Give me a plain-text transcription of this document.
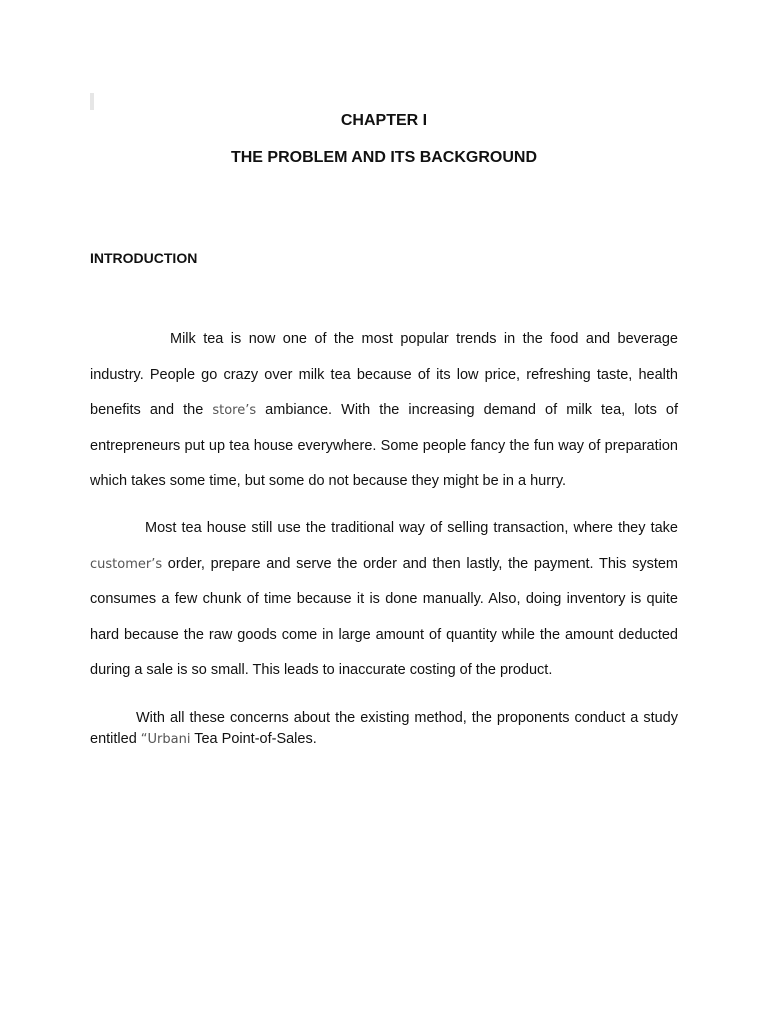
CHAPTER I
THE PROBLEM AND ITS BACKGROUND
INTRODUCTION

Milk tea is now one of the most popular trends in the food and beverage industry. People go crazy over milk tea because of its low price, refreshing taste, health benefits and the store’s ambiance. With the increasing demand of milk tea, lots of entrepreneurs put up tea house everywhere. Some people fancy the fun way of preparation which takes some time, but some do not because they might be in a hurry.

Most tea house still use the traditional way of selling transaction, where they take customer’s order, prepare and serve the order and then lastly, the payment. This system consumes a few chunk of time because it is done manually. Also, doing inventory is quite hard because the raw goods come in large amount of quantity while the amount deducted during a sale is so small. This leads to inaccurate costing of the product.

With all these concerns about the existing method, the proponents conduct a study entitled “Urbani Tea Point-of-Sales.
